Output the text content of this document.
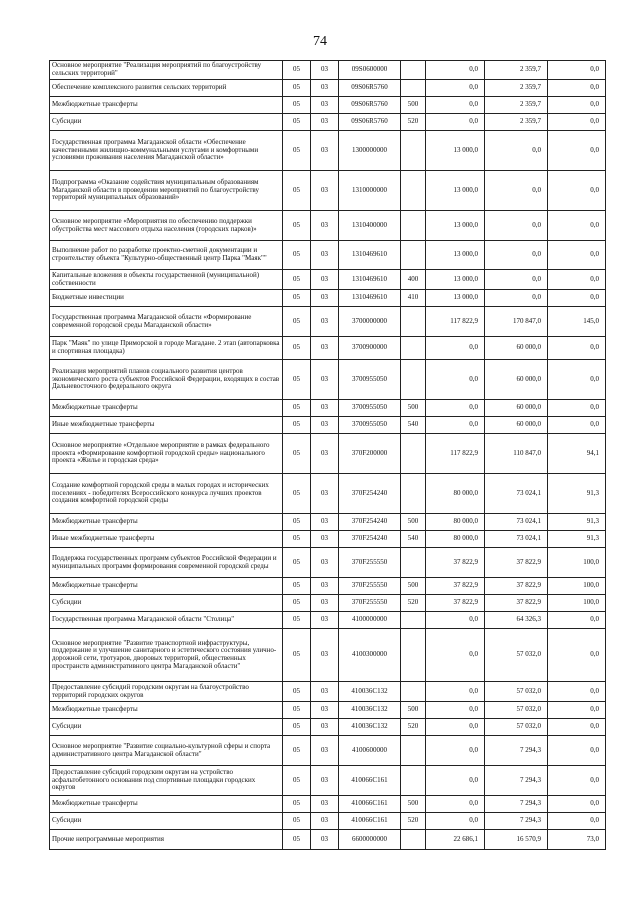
74
Основное мероприятие "Реализация мероприятий по благоустройству сельских территорий"	05	03	09S0600000		0,0	2 359,7	0,0
Обеспечение комплексного развития сельских территорий	05	03	09S06R5760		0,0	2 359,7	0,0
Межбюджетные трансферты	05	03	09S06R5760	500	0,0	2 359,7	0,0
Субсидии	05	03	09S06R5760	520	0,0	2 359,7	0,0
Государственная программа Магаданской области «Обеспечение качественными жилищно-коммунальными услугами и комфортными условиями проживания населения Магаданской области»	05	03	1300000000		13 000,0	0,0	0,0
Подпрограмма «Оказание содействия муниципальным образованиям Магаданской области в проведении мероприятий по благоустройству территорий муниципальных образований»	05	03	1310000000		13 000,0	0,0	0,0
Основное мероприятие «Мероприятия по обеспечению поддержки обустройства мест массового отдыха населения (городских парков)»	05	03	1310400000		13 000,0	0,0	0,0
Выполнение работ по разработке проектно-сметной документации и строительству объекта "Культурно-общественный центр Парка "Маяк""	05	03	1310469610		13 000,0	0,0	0,0
Капитальные вложения в объекты государственной (муниципальной) собственности	05	03	1310469610	400	13 000,0	0,0	0,0
Бюджетные инвестиции	05	03	1310469610	410	13 000,0	0,0	0,0
Государственная программа Магаданской области «Формирование современной городской среды Магаданской области»	05	03	3700000000		117 822,9	170 847,0	145,0
Парк "Маяк" по улице Приморской в городе Магадане. 2 этап (автопарковка и спортивная площадка)	05	03	3700900000		0,0	60 000,0	0,0
Реализация мероприятий планов социального развития центров экономического роста субъектов Российской Федерации, входящих в состав Дальневосточного федерального округа	05	03	3700955050		0,0	60 000,0	0,0
Межбюджетные трансферты	05	03	3700955050	500	0,0	60 000,0	0,0
Иные межбюджетные трансферты	05	03	3700955050	540	0,0	60 000,0	0,0
Основное мероприятие «Отдельное мероприятие в рамках федерального проекта «Формирование комфортной городской среды» национального проекта «Жилье и городская среда»	05	03	370F200000		117 822,9	110 847,0	94,1
Создание комфортной городской среды в малых городах и исторических поселениях - победителях Всероссийского конкурса лучших проектов создания комфортной городской среды	05	03	370F254240		80 000,0	73 024,1	91,3
Межбюджетные трансферты	05	03	370F254240	500	80 000,0	73 024,1	91,3
Иные межбюджетные трансферты	05	03	370F254240	540	80 000,0	73 024,1	91,3
Поддержка государственных программ субъектов Российской Федерации и муниципальных программ формирования современной городской среды	05	03	370F255550		37 822,9	37 822,9	100,0
Межбюджетные трансферты	05	03	370F255550	500	37 822,9	37 822,9	100,0
Субсидии	05	03	370F255550	520	37 822,9	37 822,9	100,0
Государственная программа Магаданской области "Столица"	05	03	4100000000		0,0	64 326,3	0,0
Основное мероприятие "Развитие транспортной инфраструктуры, поддержание и улучшение санитарного и эстетического состояния улично-дорожной сети, тротуаров, дворовых территорий, общественных пространств административного центра Магаданской области"	05	03	4100300000		0,0	57 032,0	0,0
Предоставление субсидий городским округам на благоустройство территорий городских округов	05	03	410036С132		0,0	57 032,0	0,0
Межбюджетные трансферты	05	03	410036С132	500	0,0	57 032,0	0,0
Субсидии	05	03	410036С132	520	0,0	57 032,0	0,0
Основное мероприятие "Развитие социально-культурной сферы и спорта административного центра Магаданской области"	05	03	4100600000		0,0	7 294,3	0,0
Предоставление субсидий городским округам на устройство асфальтобетонного основания под спортивные площадки городских округов	05	03	410066С161		0,0	7 294,3	0,0
Межбюджетные трансферты	05	03	410066С161	500	0,0	7 294,3	0,0
Субсидии	05	03	410066С161	520	0,0	7 294,3	0,0
Прочие непрограммные мероприятия	05	03	6600000000		22 686,1	16 570,9	73,0
